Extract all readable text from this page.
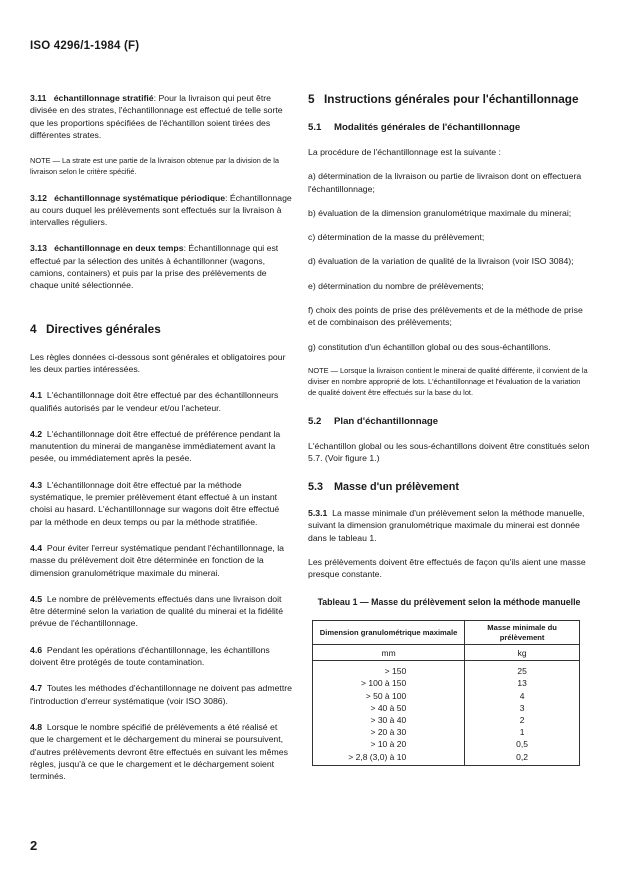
ISO 4296/1-1984 (F)

3.11 échantillonnage stratifié: Pour la livraison qui peut être divisée en des strates, l'échantillonnage est effectué de telle sorte que les proportions spécifiées de l'échantillon soient tirées des différentes strates.

NOTE — La strate est une partie de la livraison obtenue par la division de la livraison selon le critère spécifié.

3.12 échantillonnage systématique périodique: Échantillonnage au cours duquel les prélèvements sont effectués sur la livraison à intervalles réguliers.

3.13 échantillonnage en deux temps: Échantillonnage qui est effectué par la sélection des unités à échantillonner (wagons, camions, containers) et puis par la prise des prélèvements de chaque unité sélectionnée.

4 Directives générales

Les règles données ci-dessous sont générales et obligatoires pour les deux parties intéressées.

4.1 L'échantillonnage doit être effectué par des échantillonneurs qualifiés autorisés par le vendeur et/ou l'acheteur.

4.2 L'échantillonnage doit être effectué de préférence pendant la manutention du minerai de manganèse immédiatement avant la pesée, ou immédiatement après la pesée.

4.3 L'échantillonnage doit être effectué par la méthode systématique, le premier prélèvement étant effectué à un instant choisi au hasard. L'échantillonnage sur wagons doit être effectué par la méthode en deux temps ou par la méthode stratifiée.

4.4 Pour éviter l'erreur systématique pendant l'échantillonnage, la masse du prélèvement doit être déterminée en fonction de la dimension granulométrique maximale du minerai.

4.5 Le nombre de prélèvements effectués dans une livraison doit être déterminé selon la variation de qualité du minerai et la fidélité prévue de l'échantillonnage.

4.6 Pendant les opérations d'échantillonnage, les échantillons doivent être protégés de toute contamination.

4.7 Toutes les méthodes d'échantillonnage ne doivent pas admettre l'introduction d'erreur systématique (voir ISO 3086).

4.8 Lorsque le nombre spécifié de prélèvements a été réalisé et que le chargement et le déchargement du minerai se poursuivent, d'autres prélèvements devront être effectués en suivant les mêmes règles, jusqu'à ce que le chargement et le déchargement soient terminés.

5 Instructions générales pour l'échantillonnage
5.1 Modalités générales de l'échantillonnage

La procédure de l'échantillonnage est la suivante :

a) détermination de la livraison ou partie de livraison dont on effectuera l'échantillonnage;

b) évaluation de la dimension granulométrique maximale du minerai;

c) détermination de la masse du prélèvement;

d) évaluation de la variation de qualité de la livraison (voir ISO 3084);

e) détermination du nombre de prélèvements;

f) choix des points de prise des prélèvements et de la méthode de prise et de combinaison des prélèvements;

g) constitution d'un échantillon global ou des sous-échantillons.

NOTE — Lorsque la livraison contient le minerai de qualité différente, il convient de la diviser en nombre approprié de lots. L'échantillonnage et l'évaluation de la variation de qualité doivent être effectués sur la base du lot.

5.2 Plan d'échantillonnage

L'échantillon global ou les sous-échantillons doivent être constitués selon 5.7. (Voir figure 1.)

5.3 Masse d'un prélèvement

5.3.1 La masse minimale d'un prélèvement selon la méthode manuelle, suivant la dimension granulométrique maximale du minerai est donnée dans le tableau 1.

Les prélèvements doivent être effectués de façon qu'ils aient une masse presque constante.

Tableau 1 — Masse du prélèvement selon la méthode manuelle
Dimension granulométrique maximale	Masse minimale du prélèvement
mm	kg
> 150	25
> 100 à 150	13
> 50 à 100	4
> 40 à 50	3
> 30 à 40	2
> 20 à 30	1
> 10 à 20	0,5
> 2,8 (3,0) à 10	0,2
2
